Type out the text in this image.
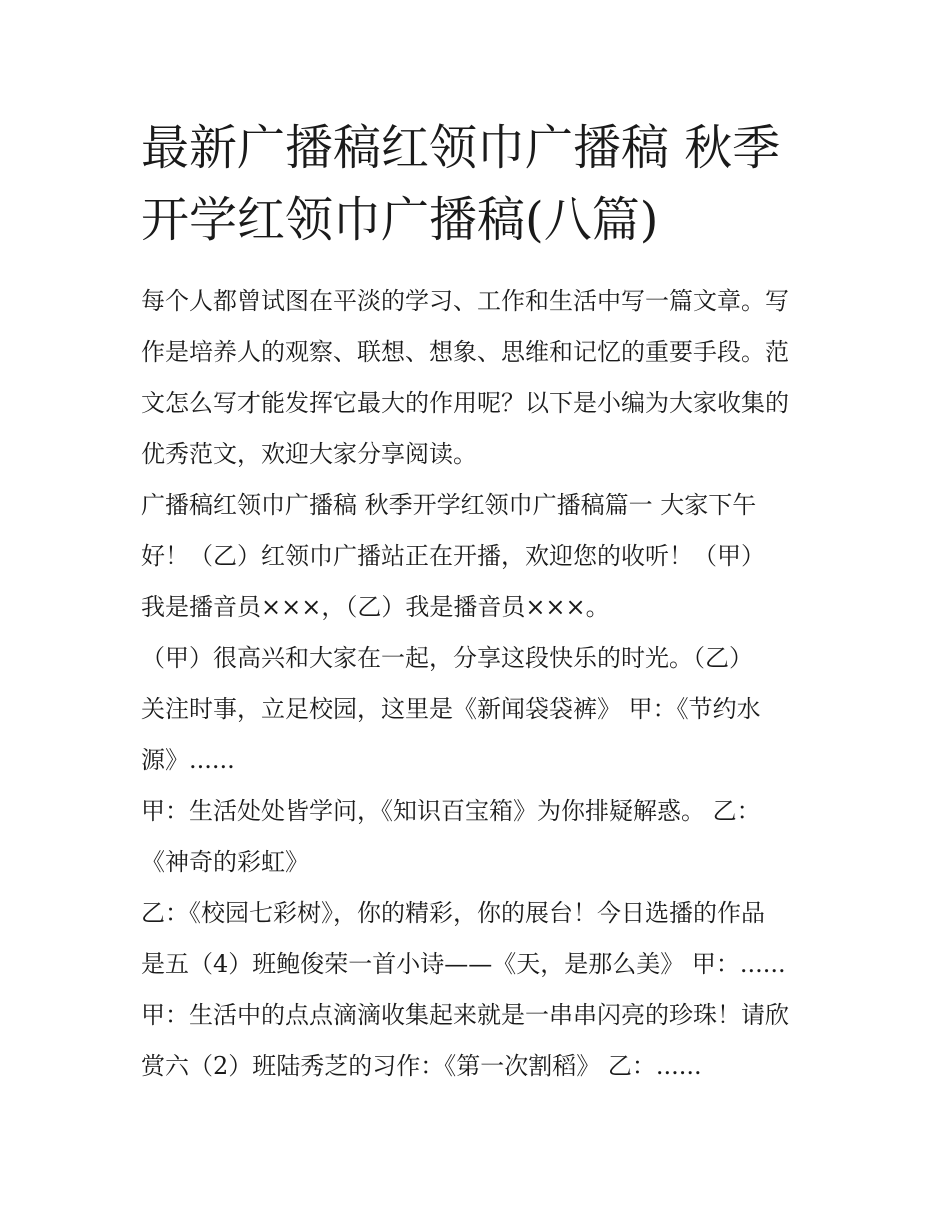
最新广播稿红领巾广播稿 秋季
开学红领巾广播稿(八篇)

每个人都曾试图在平淡的学习、工作和生活中写一篇文章。写
作是培养人的观察、联想、想象、思维和记忆的重要手段。范
文怎么写才能发挥它最大的作用呢？以下是小编为大家收集的
优秀范文，欢迎大家分享阅读。

广播稿红领巾广播稿 秋季开学红领巾广播稿篇一 大家下午
好！（乙）红领巾广播站正在开播，欢迎您的收听！（甲）
我是播音员×××，（乙）我是播音员×××。

（甲）很高兴和大家在一起，分享这段快乐的时光。（乙）
关注时事，立足校园，这里是《新闻袋袋裤》 甲：《节约水
源》......

甲：生活处处皆学问，《知识百宝箱》为你排疑解惑。 乙：
《神奇的彩虹》

乙：《校园七彩树》，你的精彩，你的展台！今日选播的作品
是五（4）班鲍俊荣一首小诗——《天，是那么美》 甲：......

甲：生活中的点点滴滴收集起来就是一串串闪亮的珍珠！请欣
赏六（2）班陆秀芝的习作：《第一次割稻》 乙：......
